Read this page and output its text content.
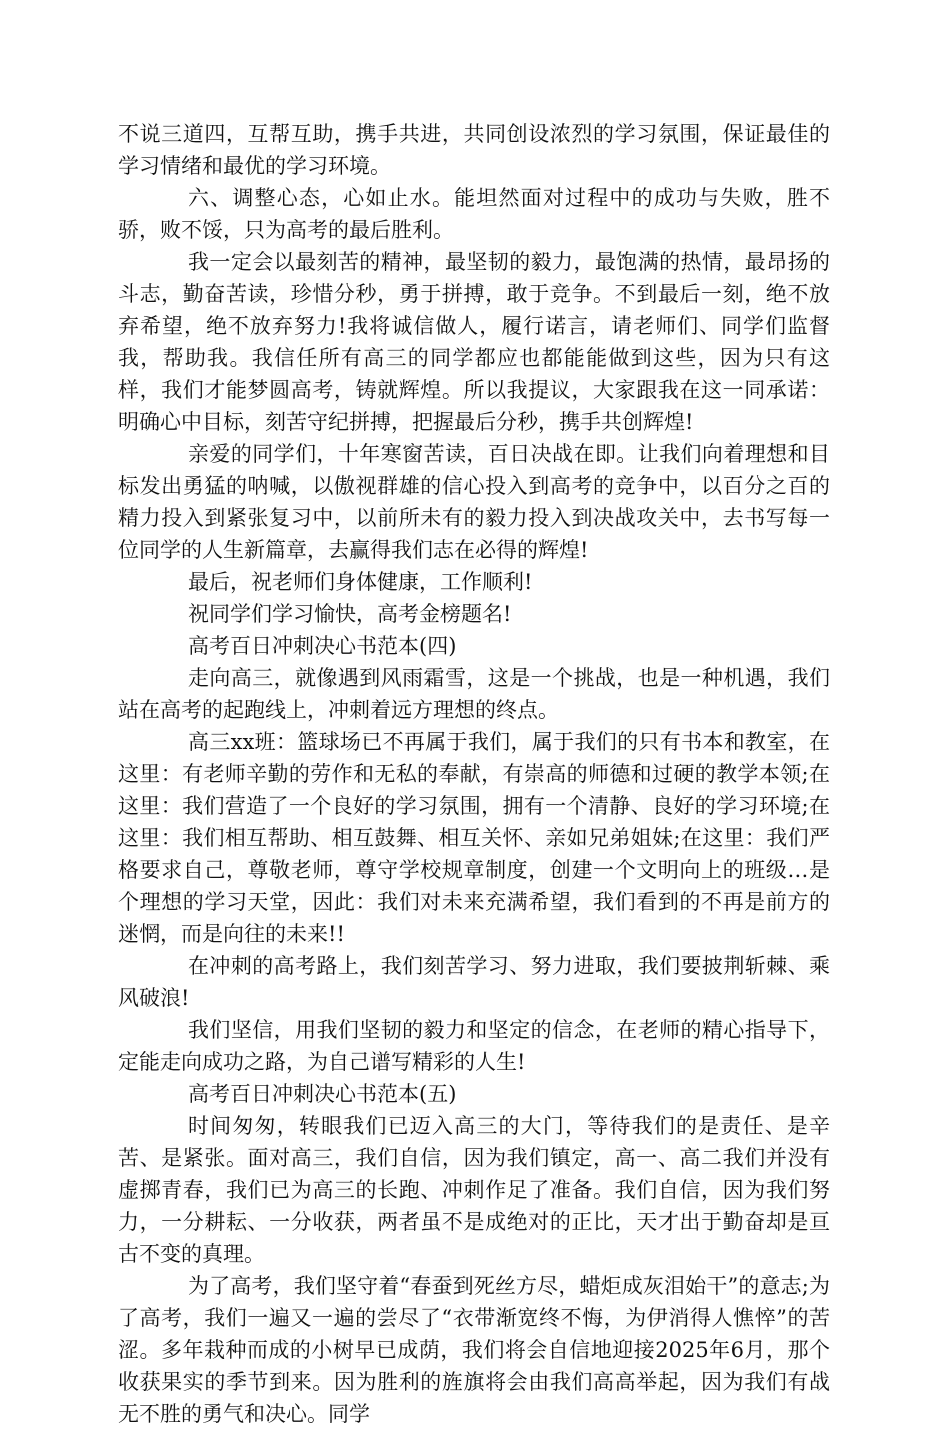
不说三道四，互帮互助，携手共进，共同创设浓烈的学习氛围，保证最佳的学习情绪和最优的学习环境。

六、调整心态，心如止水。能坦然面对过程中的成功与失败，胜不骄，败不馁，只为高考的最后胜利。

我一定会以最刻苦的精神，最坚韧的毅力，最饱满的热情，最昂扬的斗志，勤奋苦读，珍惜分秒，勇于拼搏，敢于竞争。不到最后一刻，绝不放弃希望，绝不放弃努力!我将诚信做人，履行诺言，请老师们、同学们监督我，帮助我。我信任所有高三的同学都应也都能能做到这些，因为只有这样，我们才能梦圆高考，铸就辉煌。所以我提议，大家跟我在这一同承诺： 明确心中目标，刻苦守纪拼搏，把握最后分秒，携手共创辉煌!

亲爱的同学们，十年寒窗苦读，百日决战在即。让我们向着理想和目标发出勇猛的呐喊，以傲视群雄的信心投入到高考的竞争中，以百分之百的精力投入到紧张复习中，以前所未有的毅力投入到决战攻关中，去书写每一位同学的人生新篇章，去赢得我们志在必得的辉煌!

最后，祝老师们身体健康，工作顺利!

祝同学们学习愉快，高考金榜题名!

高考百日冲刺决心书范本(四)

走向高三，就像遇到风雨霜雪，这是一个挑战，也是一种机遇，我们站在高考的起跑线上，冲刺着远方理想的终点。

高三xx班：篮球场已不再属于我们，属于我们的只有书本和教室，在这里：有老师辛勤的劳作和无私的奉献，有崇高的师德和过硬的教学本领;在这里：我们营造了一个良好的学习氛围，拥有一个清静、良好的学习环境;在这里：我们相互帮助、相互鼓舞、相互关怀、亲如兄弟姐妹;在这里：我们严格要求自己，尊敬老师，尊守学校规章制度，创建一个文明向上的班级…是个理想的学习天堂，因此：我们对未来充满希望，我们看到的不再是前方的迷惘，而是向往的未来!!

在冲刺的高考路上，我们刻苦学习、努力进取，我们要披荆斩棘、乘风破浪!

我们坚信，用我们坚韧的毅力和坚定的信念，在老师的精心指导下，定能走向成功之路，为自己谱写精彩的人生!

高考百日冲刺决心书范本(五)

时间匆匆，转眼我们已迈入高三的大门，等待我们的是责任、是辛苦、是紧张。面对高三，我们自信，因为我们镇定，高一、高二我们并没有虚掷青春，我们已为高三的长跑、冲刺作足了准备。我们自信，因为我们努力，一分耕耘、一分收获，两者虽不是成绝对的正比，天才出于勤奋却是亘古不变的真理。

为了高考，我们坚守着“春蚕到死丝方尽，蜡炬成灰泪始干”的意志;为了高考，我们一遍又一遍的尝尽了“衣带渐宽终不悔，为伊消得人憔悴”的苦涩。多年栽种而成的小树早已成荫，我们将会自信地迎接2025年6月，那个收获果实的季节到来。因为胜利的旌旗将会由我们高高举起，因为我们有战无不胜的勇气和决心。同学
